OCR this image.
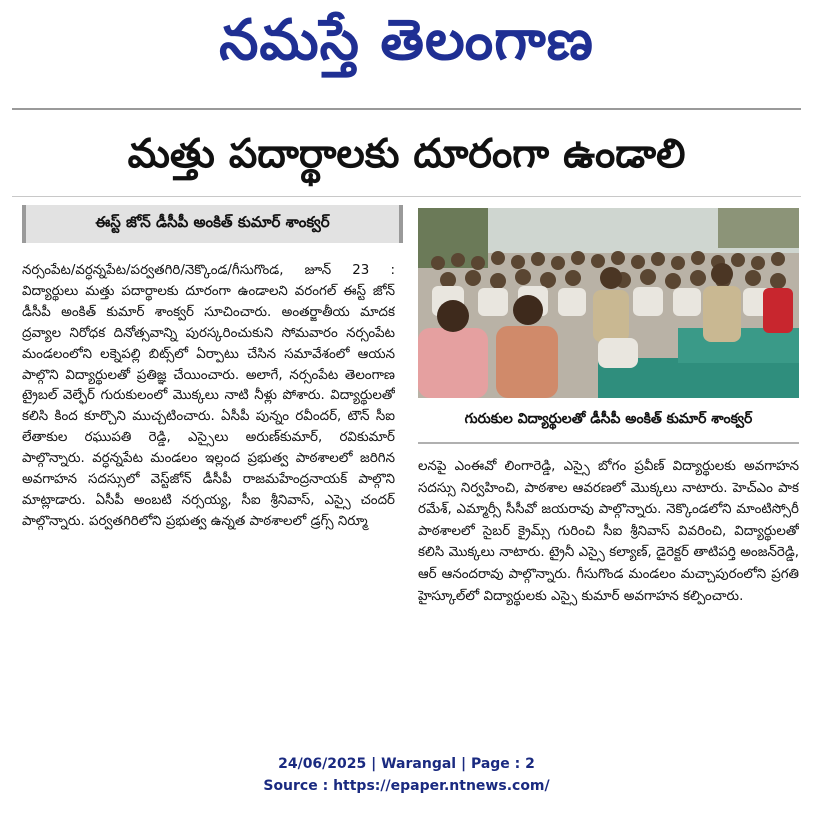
నమస్తే తెలంగాణ
మత్తు పదార్థాలకు దూరంగా ఉండాలి
ఈస్ట్ జోన్ డీసీపీ అంకిత్ కుమార్ శాంక్వర్
నర్సంపేట/వర్ధన్నపేట/పర్వతగిరి/నెక్కొండ/గీసుగొండ, జూన్ 23 : విద్యార్థులు మత్తు పదార్థాలకు దూరంగా ఉండాలని వరంగల్ ఈస్ట్ జోన్ డీసీపీ అంకిత్ కుమార్ శాంక్వర్ సూచించారు. అంతర్జాతీయ మాదక ద్రవ్యాల నిరోధక దినోత్సవాన్ని పురస్కరించుకుని సోమవారం నర్సంపేట మండలంలోని లక్నెపల్లి బిట్స్‌లో ఏర్పాటు చేసిన సమావేశంలో ఆయన పాల్గొని విద్యార్థులతో ప్రతిజ్ఞ చేయించారు. అలాగే, నర్సంపేట తెలంగాణ ట్రైబల్ వెల్ఫేర్ గురుకులంలో మొక్కలు నాటి నీళ్లు పోశారు. విద్యార్థులతో కలిసి కింద కూర్చొని ముచ్చటించారు. ఏసీపీ పున్నం రవీందర్, టౌన్ సీఐ లేతాకుల రఘుపతి రెడ్డి, ఎస్సైలు అరుణ్‌కుమార్, రవికుమార్ పాల్గొన్నారు. వర్ధన్నపేట మండలం ఇల్లంద ప్రభుత్వ పాఠశాలలో జరిగిన అవగాహన సదస్సులో వెస్ట్‌జోన్ డీసీపీ రాజమహేంద్రనాయక్ పాల్గొని మాట్లాడారు. ఏసీపీ అంబటి నర్సయ్య, సీఐ శ్రీనివాస్, ఎస్సై చందర్ పాల్గొన్నారు. పర్వతగిరిలోని ప్రభుత్వ ఉన్నత పాఠశాలలో డ్రగ్స్ నిర్మూ
గురుకుల విద్యార్థులతో డీసీపీ అంకిత్ కుమార్ శాంక్వర్
లనపై ఎంఈవో లింగారెడ్డి, ఎస్సై బోగం ప్రవీణ్ విద్యార్థులకు అవగాహన సదస్సు నిర్వహించి, పాఠశాల ఆవరణలో మొక్కలు నాటారు. హెచ్ఎం పాక రమేశ్, ఎమ్మార్సీ సీసీవో జయరావు పాల్గొన్నారు. నెక్కొండలోని మాంటిస్సోరీ పాఠశాలలో సైబర్ క్రైమ్స్ గురించి సీఐ శ్రీనివాస్ వివరించి, విద్యార్థులతో కలిసి మొక్కలు నాటారు. ట్రైనీ ఎస్సై కల్యాణ్, డైరెక్టర్ తాటిపర్తి అంజన్‌రెడ్డి, ఆర్ ఆనందరావు పాల్గొన్నారు. గీసుగొండ మండలం మచ్చాపురంలోని ప్రగతి హైస్కూల్‌లో విద్యార్థులకు ఎస్సై కుమార్ అవగాహన కల్పించారు.
24/06/2025 | Warangal | Page : 2
Source : https://epaper.ntnews.com/
